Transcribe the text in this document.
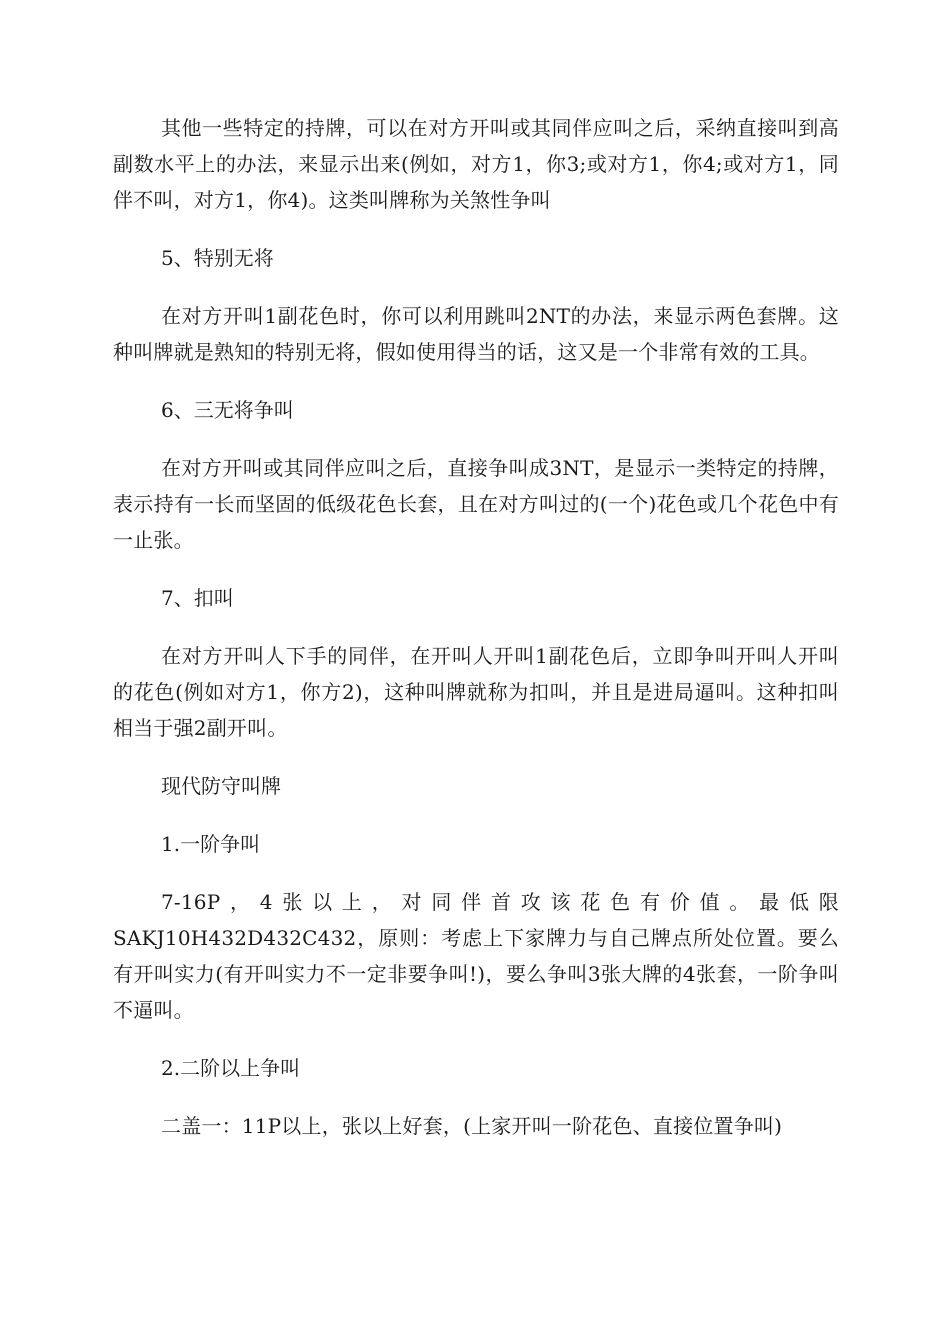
其他一些特定的持牌，可以在对方开叫或其同伴应叫之后，采纳直接叫到高副数水平上的办法，来显示出来(例如，对方1，你3;或对方1，你4;或对方1，同伴不叫，对方1，你4)。这类叫牌称为关煞性争叫

5、特别无将

在对方开叫1副花色时，你可以利用跳叫2NT的办法，来显示两色套牌。这种叫牌就是熟知的特别无将，假如使用得当的话，这又是一个非常有效的工具。

6、三无将争叫

在对方开叫或其同伴应叫之后，直接争叫成3NT，是显示一类特定的持牌，表示持有一长而坚固的低级花色长套，且在对方叫过的(一个)花色或几个花色中有一止张。

7、扣叫

在对方开叫人下手的同伴，在开叫人开叫1副花色后，立即争叫开叫人开叫的花色(例如对方1，你方2)，这种叫牌就称为扣叫，并且是进局逼叫。这种扣叫相当于强2副开叫。

现代防守叫牌

1.一阶争叫

7-16P，4张以上，对同伴首攻该花色有价值。最低限SAKJ10H432D432C432，原则：考虑上下家牌力与自己牌点所处位置。要么有开叫实力(有开叫实力不一定非要争叫!)，要么争叫3张大牌的4张套，一阶争叫不逼叫。

2.二阶以上争叫

二盖一：11P以上，张以上好套，(上家开叫一阶花色、直接位置争叫)
